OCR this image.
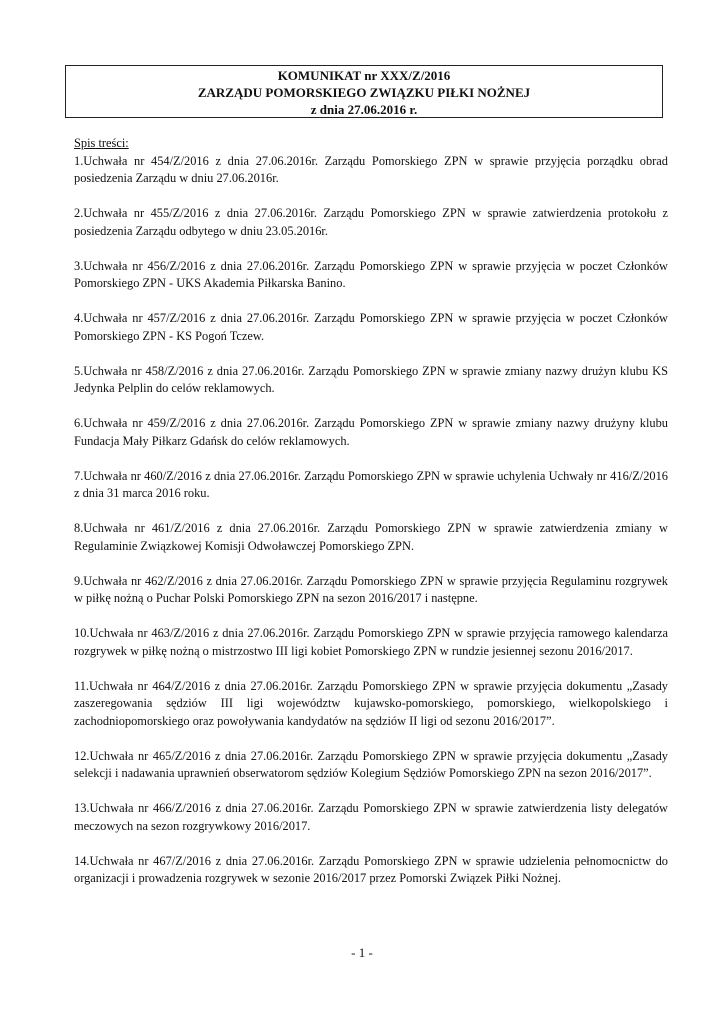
KOMUNIKAT nr XXX/Z/2016
ZARZĄDU POMORSKIEGO ZWIĄZKU PIŁKI NOŻNEJ
z dnia 27.06.2016 r.

Spis treści:

1.Uchwała nr 454/Z/2016 z dnia 27.06.2016r. Zarządu Pomorskiego ZPN w sprawie przyjęcia porządku obrad posiedzenia Zarządu w dniu 27.06.2016r.

2.Uchwała nr 455/Z/2016 z dnia 27.06.2016r. Zarządu Pomorskiego ZPN w sprawie zatwierdzenia protokołu z posiedzenia Zarządu odbytego w dniu 23.05.2016r.

3.Uchwała nr 456/Z/2016 z dnia 27.06.2016r. Zarządu Pomorskiego ZPN w sprawie przyjęcia w poczet Członków Pomorskiego ZPN - UKS Akademia Piłkarska Banino.

4.Uchwała nr 457/Z/2016 z dnia 27.06.2016r. Zarządu Pomorskiego ZPN w sprawie przyjęcia w poczet Członków Pomorskiego ZPN - KS Pogoń Tczew.

5.Uchwała nr 458/Z/2016 z dnia 27.06.2016r. Zarządu Pomorskiego ZPN w sprawie zmiany nazwy drużyn klubu KS Jedynka Pelplin do celów reklamowych.

6.Uchwała nr 459/Z/2016 z dnia 27.06.2016r. Zarządu Pomorskiego ZPN w sprawie zmiany nazwy drużyny klubu Fundacja Mały Piłkarz Gdańsk do celów reklamowych.

7.Uchwała nr 460/Z/2016 z dnia 27.06.2016r. Zarządu Pomorskiego ZPN w sprawie uchylenia Uchwały nr 416/Z/2016 z dnia 31 marca 2016 roku.

8.Uchwała nr 461/Z/2016 z dnia 27.06.2016r. Zarządu Pomorskiego ZPN w sprawie zatwierdzenia zmiany w Regulaminie Związkowej Komisji Odwoławczej Pomorskiego ZPN.

9.Uchwała nr 462/Z/2016 z dnia 27.06.2016r. Zarządu Pomorskiego ZPN w sprawie przyjęcia Regulaminu rozgrywek w piłkę nożną o Puchar Polski Pomorskiego ZPN na sezon 2016/2017 i następne.

10.Uchwała nr 463/Z/2016 z dnia 27.06.2016r. Zarządu Pomorskiego ZPN w sprawie przyjęcia ramowego kalendarza rozgrywek w piłkę nożną o mistrzostwo III ligi kobiet Pomorskiego ZPN w rundzie jesiennej sezonu 2016/2017.

11.Uchwała nr 464/Z/2016 z dnia 27.06.2016r. Zarządu Pomorskiego ZPN w sprawie przyjęcia dokumentu „Zasady zaszeregowania sędziów III ligi województw kujawsko-pomorskiego, pomorskiego, wielkopolskiego i zachodniopomorskiego oraz powoływania kandydatów na sędziów II ligi od sezonu 2016/2017”.

12.Uchwała nr 465/Z/2016 z dnia 27.06.2016r. Zarządu Pomorskiego ZPN w sprawie przyjęcia dokumentu „Zasady selekcji i nadawania uprawnień obserwatorom sędziów Kolegium Sędziów Pomorskiego ZPN na sezon 2016/2017”.

13.Uchwała nr 466/Z/2016 z dnia 27.06.2016r. Zarządu Pomorskiego ZPN w sprawie zatwierdzenia listy delegatów meczowych na sezon rozgrywkowy 2016/2017.

14.Uchwała nr 467/Z/2016 z dnia 27.06.2016r. Zarządu Pomorskiego ZPN w sprawie udzielenia pełnomocnictw do organizacji i prowadzenia rozgrywek w sezonie 2016/2017 przez Pomorski Związek Piłki Nożnej.

- 1 -
